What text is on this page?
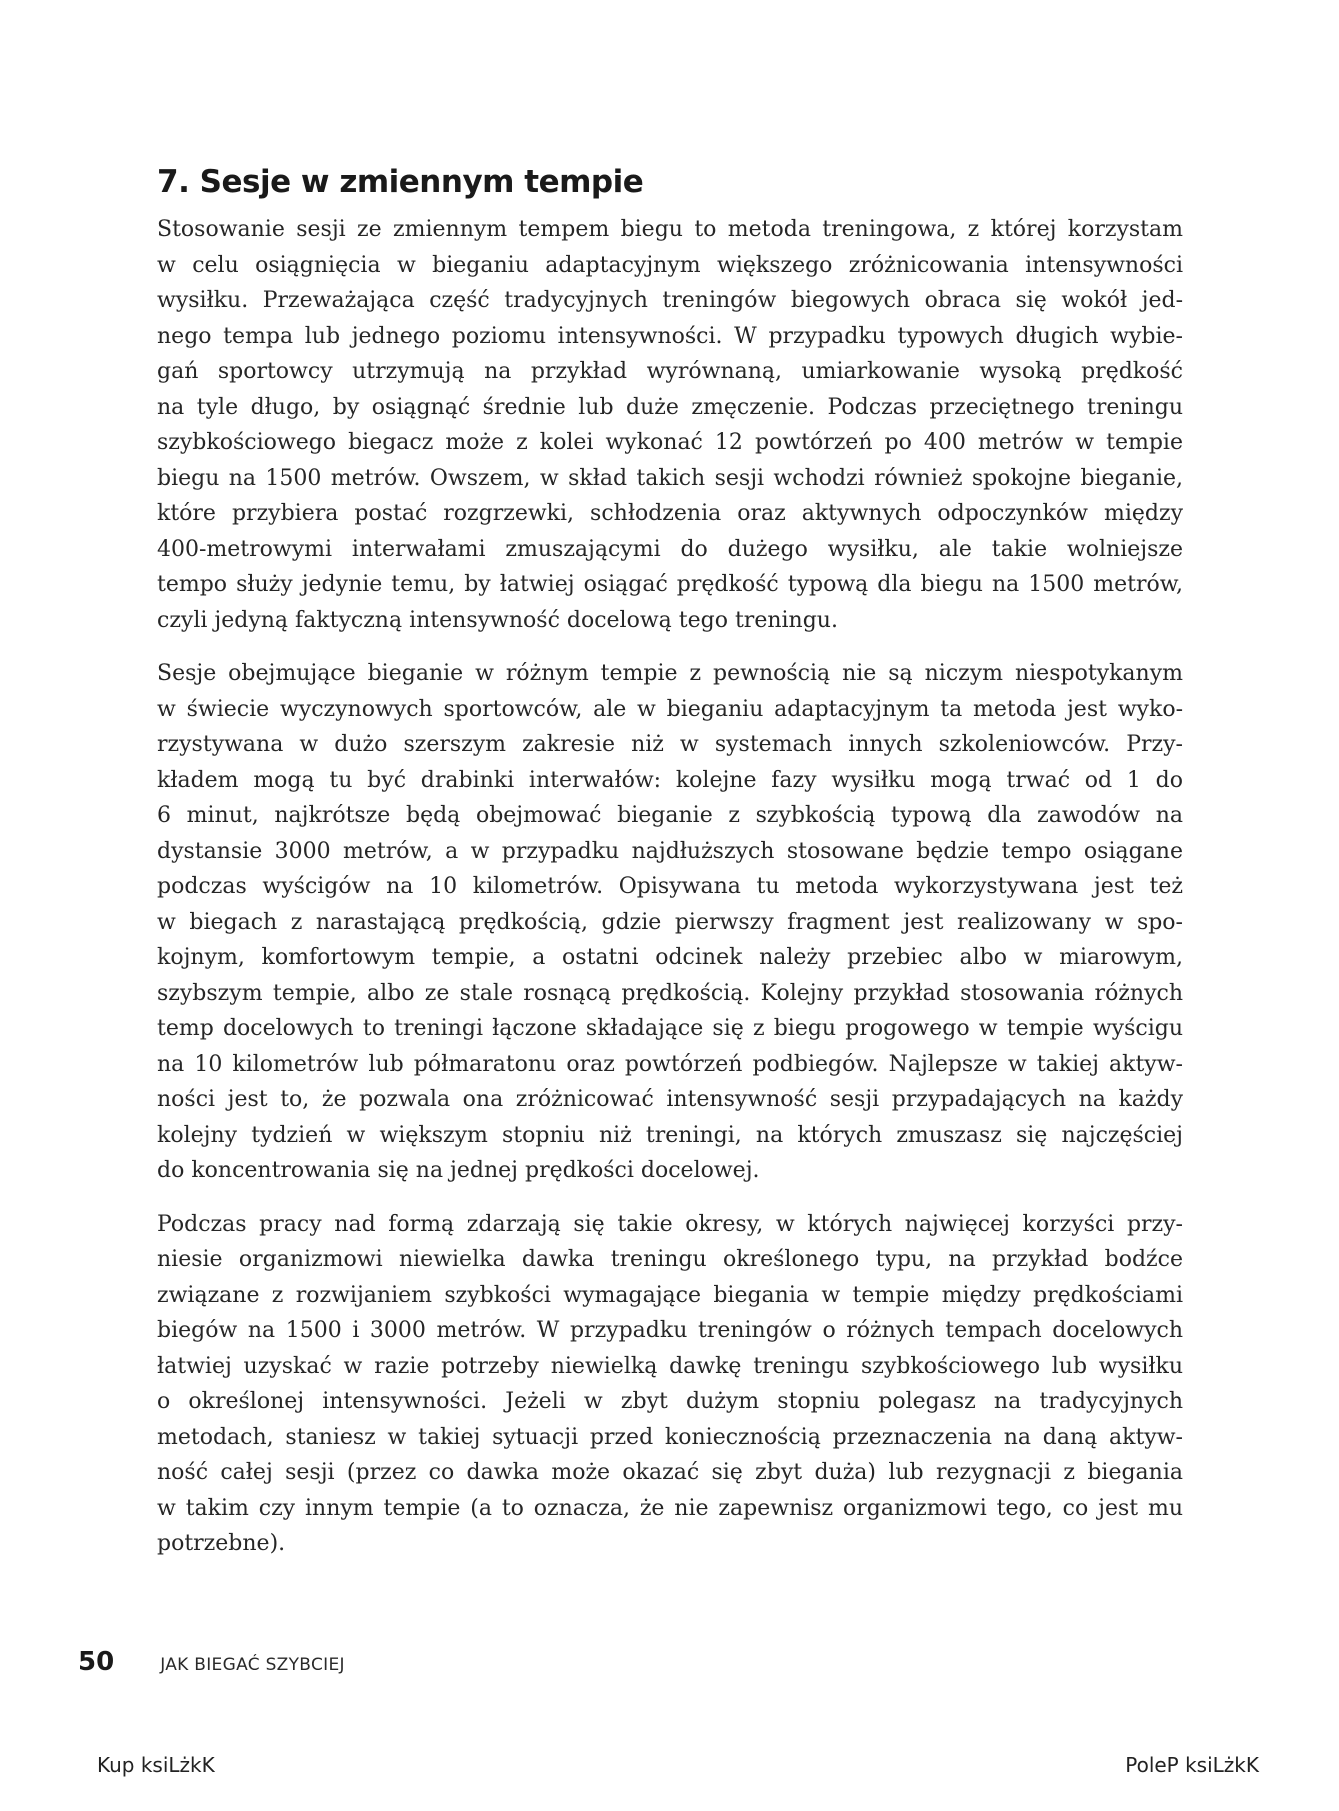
7. Sesje w zmiennym tempie
Stosowanie sesji ze zmiennym tempem biegu to metoda treningowa, z której korzystam
w celu osiągnięcia w bieganiu adaptacyjnym większego zróżnicowania intensywności
wysiłku. Przeważająca część tradycyjnych treningów biegowych obraca się wokół jed-
nego tempa lub jednego poziomu intensywności. W przypadku typowych długich wybie-
gań sportowcy utrzymują na przykład wyrównaną, umiarkowanie wysoką prędkość
na tyle długo, by osiągnąć średnie lub duże zmęczenie. Podczas przeciętnego treningu
szybkościowego biegacz może z kolei wykonać 12 powtórzeń po 400 metrów w tempie
biegu na 1500 metrów. Owszem, w skład takich sesji wchodzi również spokojne bieganie,
które przybiera postać rozgrzewki, schłodzenia oraz aktywnych odpoczynków między
400-metrowymi interwałami zmuszającymi do dużego wysiłku, ale takie wolniejsze
tempo służy jedynie temu, by łatwiej osiągać prędkość typową dla biegu na 1500 metrów,
czyli jedyną faktyczną intensywność docelową tego treningu.
Sesje obejmujące bieganie w różnym tempie z pewnością nie są niczym niespotykanym
w świecie wyczynowych sportowców, ale w bieganiu adaptacyjnym ta metoda jest wyko-
rzystywana w dużo szerszym zakresie niż w systemach innych szkoleniowców. Przy-
kładem mogą tu być drabinki interwałów: kolejne fazy wysiłku mogą trwać od 1 do
6 minut, najkrótsze będą obejmować bieganie z szybkością typową dla zawodów na
dystansie 3000 metrów, a w przypadku najdłuższych stosowane będzie tempo osiągane
podczas wyścigów na 10 kilometrów. Opisywana tu metoda wykorzystywana jest też
w biegach z narastającą prędkością, gdzie pierwszy fragment jest realizowany w spo-
kojnym, komfortowym tempie, a ostatni odcinek należy przebiec albo w miarowym,
szybszym tempie, albo ze stale rosnącą prędkością. Kolejny przykład stosowania różnych
temp docelowych to treningi łączone składające się z biegu progowego w tempie wyścigu
na 10 kilometrów lub półmaratonu oraz powtórzeń podbiegów. Najlepsze w takiej aktyw-
ności jest to, że pozwala ona zróżnicować intensywność sesji przypadających na każdy
kolejny tydzień w większym stopniu niż treningi, na których zmuszasz się najczęściej
do koncentrowania się na jednej prędkości docelowej.
Podczas pracy nad formą zdarzają się takie okresy, w których najwięcej korzyści przy-
niesie organizmowi niewielka dawka treningu określonego typu, na przykład bodźce
związane z rozwijaniem szybkości wymagające biegania w tempie między prędkościami
biegów na 1500 i 3000 metrów. W przypadku treningów o różnych tempach docelowych
łatwiej uzyskać w razie potrzeby niewielką dawkę treningu szybkościowego lub wysiłku
o określonej intensywności. Jeżeli w zbyt dużym stopniu polegasz na tradycyjnych
metodach, staniesz w takiej sytuacji przed koniecznością przeznaczenia na daną aktyw-
ność całej sesji (przez co dawka może okazać się zbyt duża) lub rezygnacji z biegania
w takim czy innym tempie (a to oznacza, że nie zapewnisz organizmowi tego, co jest mu
potrzebne).
50	JAK BIEGAĆ SZYBCIEJ
Kup ksiLżkK	PoleP ksiLżkK
